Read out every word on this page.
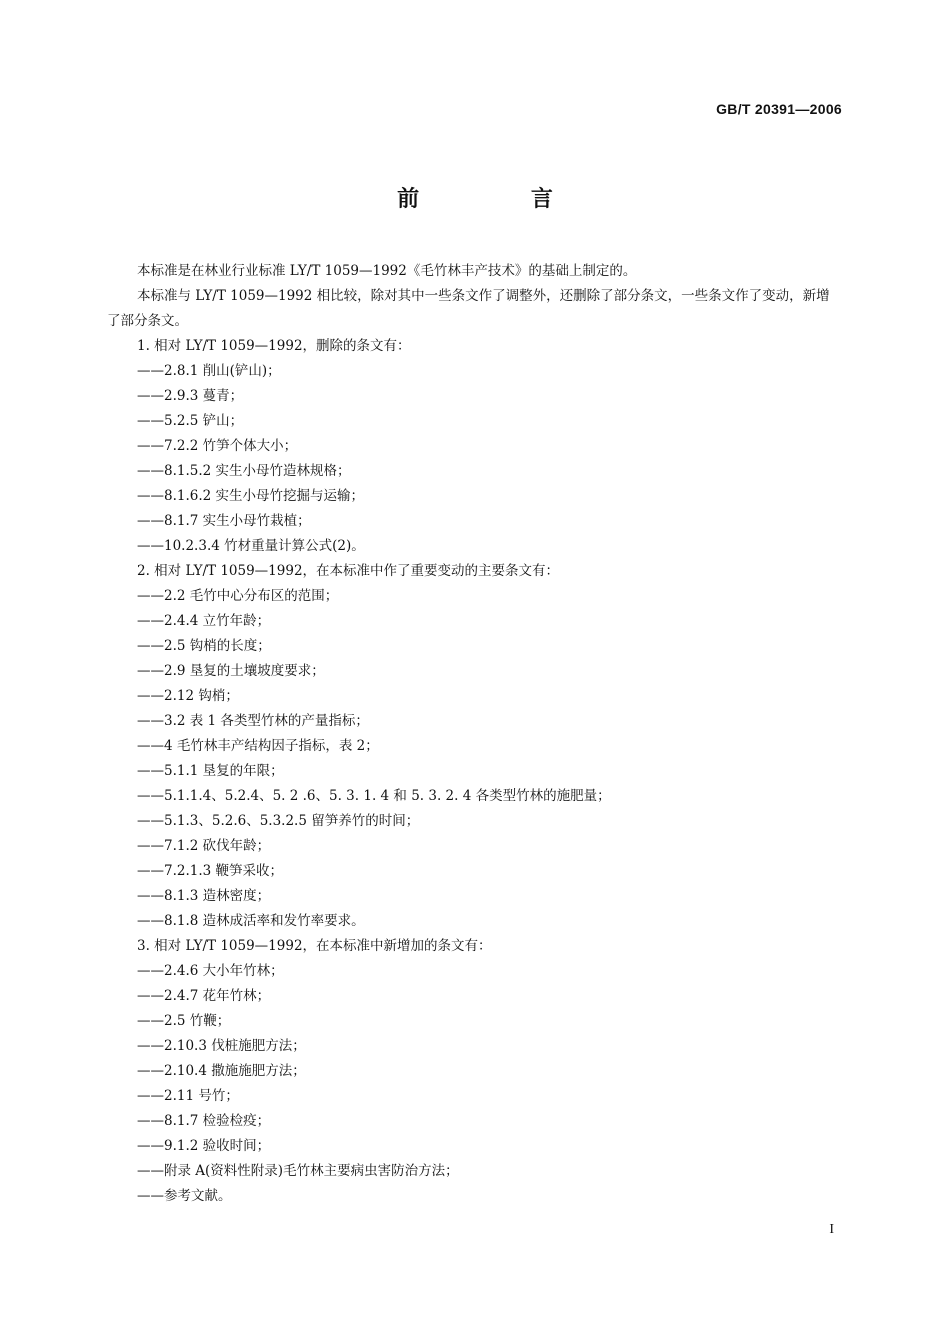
GB/T 20391—2006
前 言

本标准是在林业行业标准 LY/T 1059—1992《毛竹林丰产技术》的基础上制定的。

本标准与 LY/T 1059—1992 相比较，除对其中一些条文作了调整外，还删除了部分条文，一些条文作了变动，新增了部分条文。

1. 相对 LY/T 1059—1992，删除的条文有：

——2.8.1 削山(铲山)；

——2.9.3 蔓青；

——5.2.5 铲山；

——7.2.2 竹笋个体大小；

——8.1.5.2 实生小母竹造林规格；

——8.1.6.2 实生小母竹挖掘与运输；

——8.1.7 实生小母竹栽植；

——10.2.3.4 竹材重量计算公式(2)。

2. 相对 LY/T 1059—1992，在本标准中作了重要变动的主要条文有：

——2.2 毛竹中心分布区的范围；

——2.4.4 立竹年龄；

——2.5 钩梢的长度；

——2.9 垦复的土壤坡度要求；

——2.12 钩梢；

——3.2 表 1 各类型竹林的产量指标；

——4 毛竹林丰产结构因子指标，表 2；

——5.1.1 垦复的年限；

——5.1.1.4、5.2.4、5. 2 .6、5. 3. 1. 4 和 5. 3. 2. 4 各类型竹林的施肥量；

——5.1.3、5.2.6、5.3.2.5 留笋养竹的时间；

——7.1.2 砍伐年龄；

——7.2.1.3 鞭笋采收；

——8.1.3 造林密度；

——8.1.8 造林成活率和发竹率要求。

3. 相对 LY/T 1059—1992，在本标准中新增加的条文有：

——2.4.6 大小年竹林；

——2.4.7 花年竹林；

——2.5 竹鞭；

——2.10.3 伐桩施肥方法；

——2.10.4 撒施施肥方法；

——2.11 号竹；

——8.1.7 检验检疫；

——9.1.2 验收时间；

——附录 A(资料性附录)毛竹林主要病虫害防治方法；

——参考文献。

I
